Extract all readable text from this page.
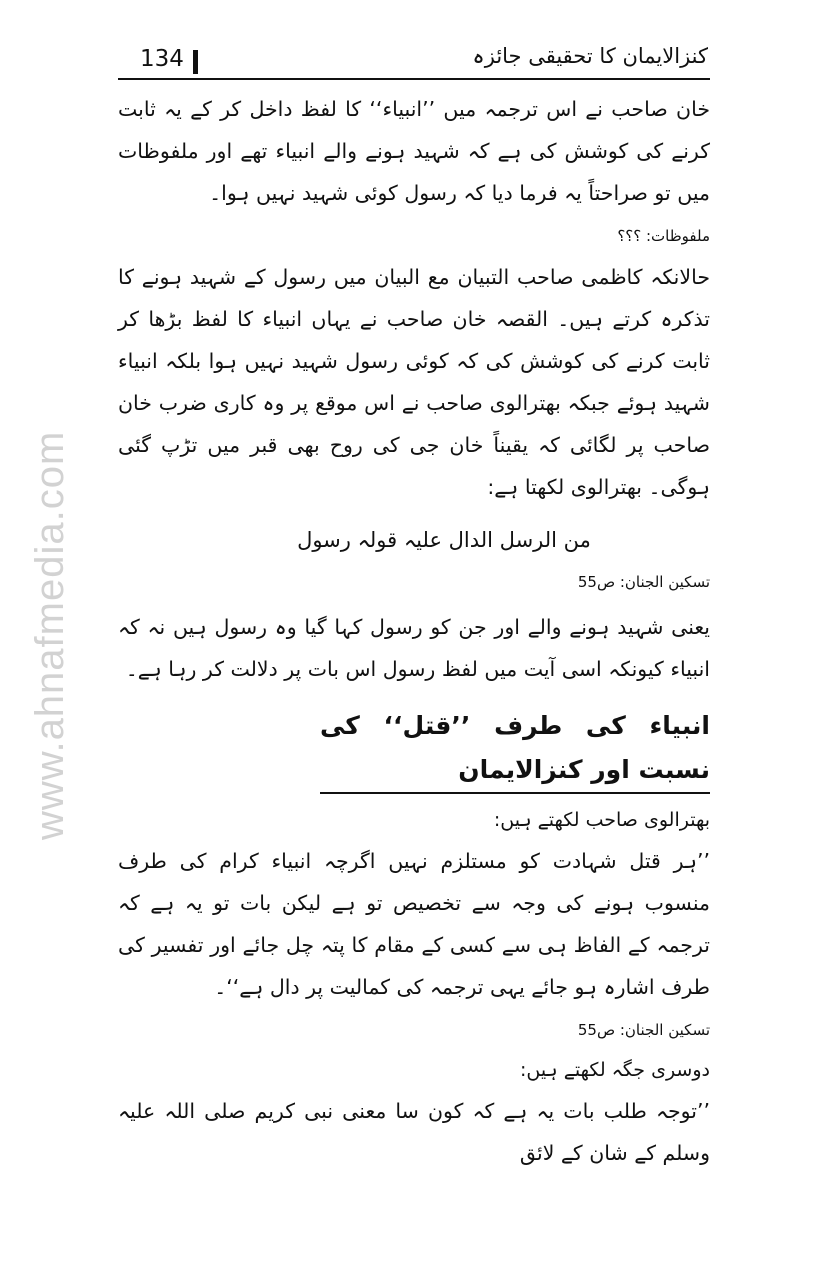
134	کنزالایمان کا تحقیقی جائزہ
www.ahnafmedia.com

خان صاحب نے اس ترجمہ میں ’’انبیاء‘‘ کا لفظ داخل کر کے یہ ثابت کرنے کی کوشش کی ہے کہ شہید ہونے والے انبیاء تھے اور ملفوظات میں تو صراحتاً یہ فرما دیا کہ رسول کوئی شہید نہیں ہوا۔

ملفوظات: ؟؟؟

حالانکہ کاظمی صاحب التبیان مع البیان میں رسول کے شہید ہونے کا تذکرہ کرتے ہیں۔ القصہ خان صاحب نے یہاں انبیاء کا لفظ بڑھا کر ثابت کرنے کی کوشش کی کہ کوئی رسول شہید نہیں ہوا بلکہ انبیاء شہید ہوئے جبکہ بھترالوی صاحب نے اس موقع پر وہ کاری ضرب خان صاحب پر لگائی کہ یقیناً خان جی کی روح بھی قبر میں تڑپ گئی ہوگی۔ بھترالوی لکھتا ہے:

من الرسل الدال علیہ قولہ رسول

تسکین الجنان: ص55

یعنی شہید ہونے والے اور جن کو رسول کہا گیا وہ رسول ہیں نہ کہ انبیاء کیونکہ اسی آیت میں لفظ رسول اس بات پر دلالت کر رہا ہے۔

انبیاء کی طرف ’’قتل‘‘ کی نسبت اور کنزالایمان

بھترالوی صاحب لکھتے ہیں:

’’ہر قتل شہادت کو مستلزم نہیں اگرچہ انبیاء کرام کی طرف منسوب ہونے کی وجہ سے تخصیص تو ہے لیکن بات تو یہ ہے کہ ترجمہ کے الفاظ ہی سے کسی کے مقام کا پتہ چل جائے اور تفسیر کی طرف اشارہ ہو جائے یہی ترجمہ کی کمالیت پر دال ہے‘‘۔

تسکین الجنان: ص55

دوسری جگہ لکھتے ہیں:

’’توجہ طلب بات یہ ہے کہ کون سا معنی نبی کریم صلی اللہ علیہ وسلم کے شان کے لائق
